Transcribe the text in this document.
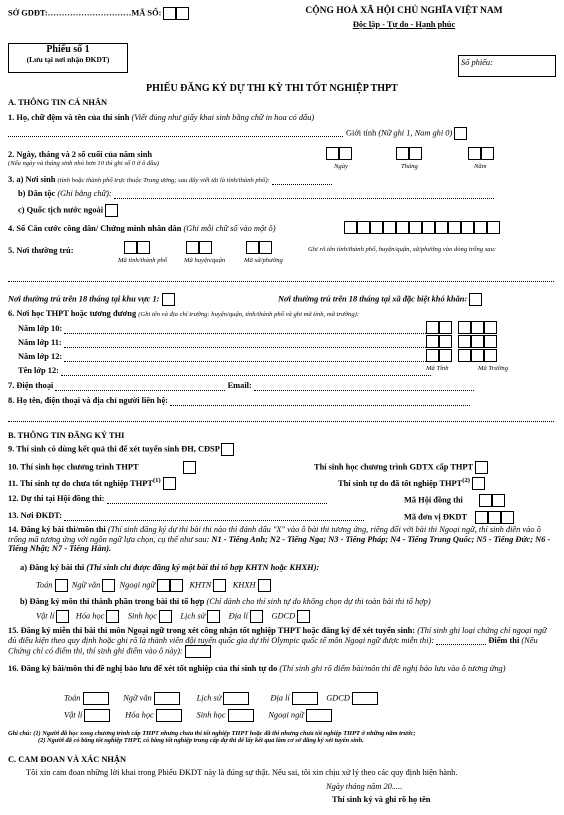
SỞ GDĐT:…………………………MÃ SỐ:	CỘNG HOÀ XÃ HỘI CHỦ NGHĨA VIỆT NAM
Độc lập - Tự do - Hạnh phúc
Phiếu số 1
(Lưu tại nơi nhận ĐKDT)	Số phiếu:
PHIẾU ĐĂNG KÝ DỰ THI KỲ THI TỐT NGHIỆP THPT
A. THÔNG TIN CÁ NHÂN
1. Họ, chữ đệm và tên của thí sinh (Viết đúng như giấy khai sinh bằng chữ in hoa có dấu)
Giới tính (Nữ ghi 1, Nam ghi 0)
2. Ngày, tháng và 2 số cuối của năm sinh
(Nếu ngày và tháng sinh nhỏ hơn 10 thì ghi số 0 ở ô đầu)	Ngày	Tháng	Năm
3. a) Nơi sinh (tỉnh hoặc thành phố trực thuộc Trung ương; sau đây viết tắt là tỉnh/thành phố):
b) Dân tộc (Ghi bằng chữ):
c) Quốc tịch nước ngoài
4. Số Căn cước công dân/ Chứng minh nhân dân (Ghi mỗi chữ số vào một ô)
5. Nơi thường trú:
Mã tỉnh/thành phố	Mã huyện/quận	Mã xã/phường
Ghi rõ tên tỉnh/thành phố, huyện/quận, xã/phường vào dòng trống sau:
Nơi thường trú trên 18 tháng tại khu vực 1:	Nơi thường trú trên 18 tháng tại xã đặc biệt khó khăn:
6. Nơi học THPT hoặc tương đương (Ghi tên và địa chỉ trường: huyện/quận, tỉnh/thành phố và ghi mã tỉnh, mã trường):
Năm lớp 10:
Năm lớp 11:
Năm lớp 12:
Tên lớp 12:

	Mã Tỉnh	Mã Trường
7. Điện thoại	Email:
8. Họ tên, điện thoại và địa chỉ người liên hệ:
B. THÔNG TIN ĐĂNG KÝ THI
9. Thí sinh có dùng kết quả thi để xét tuyển sinh ĐH, CĐSP
10. Thí sinh học chương trình THPT	Thí sinh học chương trình GDTX cấp THPT
11. Thí sinh tự do chưa tốt nghiệp THPT$^{(1)}$	Thí sinh tự do đã tốt nghiệp THPT$^{(2)}$
12. Dự thi tại Hội đồng thi:	Mã Hội đồng thi
13. Nơi ĐKDT:	Mã đơn vị ĐKDT
14. Đăng ký bài thi/môn thi (Thí sinh đăng ký dự thi bài thi nào thì đánh dấu "X" vào ô bài thi tương ứng, riêng đối với bài thi Ngoại ngữ, thí sinh điền vào ô trống mã tương ứng với ngôn ngữ lựa chọn, cụ thể như sau: N1 - Tiếng Anh; N2 - Tiếng Nga; N3 - Tiếng Pháp; N4 - Tiếng Trung Quốc; N5 - Tiếng Đức; N6 - Tiếng Nhật; N7 - Tiếng Hàn).
a) Đăng ký bài thi (Thí sinh chỉ được đăng ký một bài thi tổ hợp KHTN hoặc KHXH):
Toán Ngữ văn Ngoại ngữ	KHTN	KHXH
b) Đăng ký môn thi thành phần trong bài thi tổ hợp (Chỉ dành cho thí sinh tự do không chọn dự thi toàn bài thi tổ hợp)
Vật lí	Hóa học	Sinh học	Lịch sử	Địa lí	GDCD
15. Đăng ký miễn thi bài thi môn Ngoại ngữ trong xét công nhận tốt nghiệp THPT hoặc đăng ký để xét tuyển sinh: (Thí sinh ghi loại chứng chỉ ngoại ngữ đủ điều kiện theo quy định hoặc ghi rõ là thành viên đội tuyển quốc gia dự thi Olympic quốc tế môn Ngoại ngữ được miễn thi):	Điểm thi (Nếu Chứng chỉ có điểm thi, thí sinh ghi điểm vào ô này):
16. Đăng ký bài/môn thi đề nghị bảo lưu để xét tốt nghiệp của thí sinh tự do (Thí sinh ghi rõ điểm bài/môn thi đề nghị bảo lưu vào ô tương ứng)
Toán	Ngữ văn	Lịch sử	Địa lí	GDCD
Vật lí	Hóa học	Sinh học	Ngoại ngữ
Ghi chú: (1) Người đã học xong chương trình cấp THPT nhưng chưa thi tốt nghiệp THPT hoặc đã thi nhưng chưa tốt nghiệp THPT ở những năm trước;
(2) Người đã có bằng tốt nghiệp THPT, có bằng tốt nghiệp trung cấp dự thi để lấy kết quả làm cơ sở đăng ký xét tuyển sinh.
C. CAM ĐOAN VÀ XÁC NHẬN
Tôi xin cam đoan những lời khai trong Phiếu ĐKDT này là đúng sự thật. Nếu sai, tôi xin chịu xử lý theo các quy định hiện hành.
Ngày tháng năm 20.....
Thí sinh ký và ghi rõ họ tên
